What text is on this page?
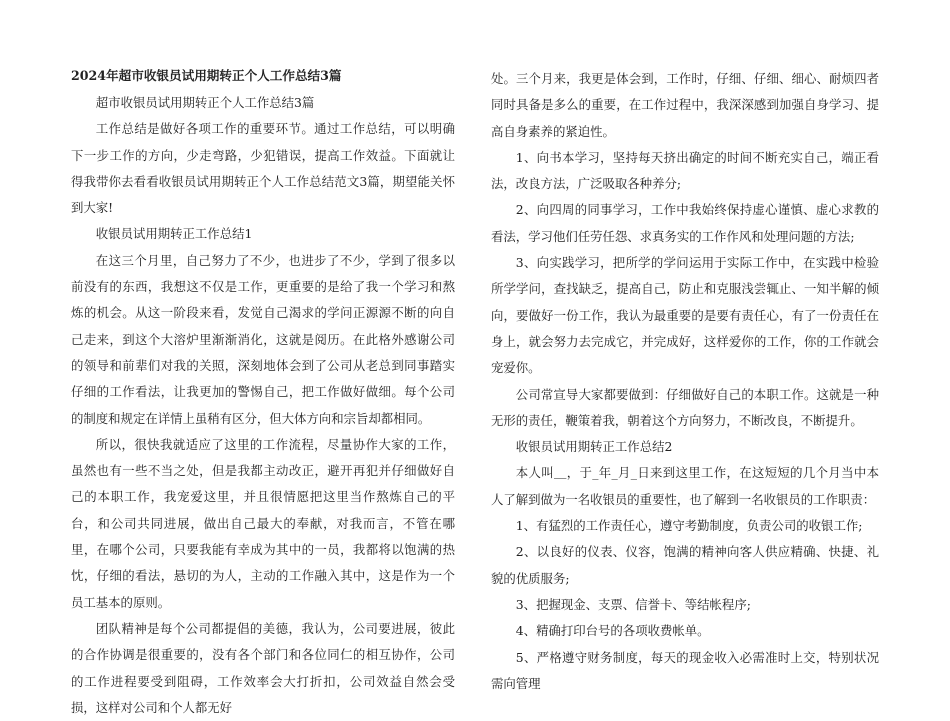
2024年超市收银员试用期转正个人工作总结3篇

超市收银员试用期转正个人工作总结3篇

工作总结是做好各项工作的重要环节。通过工作总结，可以明确下一步工作的方向，少走弯路，少犯错误，提高工作效益。下面就让得我带你去看看收银员试用期转正个人工作总结范文3篇，期望能关怀到大家!

收银员试用期转正工作总结1

在这三个月里，自己努力了不少，也进步了不少，学到了很多以前没有的东西，我想这不仅是工作，更重要的是给了我一个学习和熬炼的机会。从这一阶段来看，发觉自己渴求的学问正源源不断的向自己走来，到这个大溶炉里渐渐消化，这就是阅历。在此格外感谢公司的领导和前辈们对我的关照，深刻地体会到了公司从老总到同事踏实仔细的工作看法，让我更加的警惕自己，把工作做好做细。每个公司的制度和规定在详情上虽稍有区分，但大体方向和宗旨却都相同。

所以，很快我就适应了这里的工作流程，尽量协作大家的工作，虽然也有一些不当之处，但是我都主动改正，避开再犯并仔细做好自己的本职工作，我宠爱这里，并且很情愿把这里当作熬炼自己的平台，和公司共同进展，做出自己最大的奉献，对我而言，不管在哪里，在哪个公司，只要我能有幸成为其中的一员，我都将以饱满的热忱，仔细的看法，悬切的为人，主动的工作融入其中，这是作为一个员工基本的原则。

团队精神是每个公司都提倡的美德，我认为，公司要进展，彼此的合作协调是很重要的，没有各个部门和各位同仁的相互协作，公司的工作进程要受到阻碍，工作效率会大打折扣，公司效益自然会受损，这样对公司和个人都无好

处。三个月来，我更是体会到，工作时，仔细、仔细、细心、耐烦四者同时具备是多么的重要，在工作过程中，我深深感到加强自身学习、提高自身素养的紧迫性。

1、向书本学习，坚持每天挤出确定的时间不断充实自己，端正看法，改良方法，广泛吸取各种养分;

2、向四周的同事学习，工作中我始终保持虚心谨慎、虚心求教的看法，学习他们任劳任怨、求真务实的工作作风和处理问题的方法;

3、向实践学习，把所学的学问运用于实际工作中，在实践中检验所学学问，查找缺乏，提高自己，防止和克服浅尝辄止、一知半解的倾向，要做好一份工作，我认为最重要的是要有责任心，有了一份责任在身上，就会努力去完成它，并完成好，这样爱你的工作，你的工作就会宠爱你。

公司常宣导大家都要做到：仔细做好自己的本职工作。这就是一种无形的责任，鞭策着我，朝着这个方向努力，不断改良，不断提升。

收银员试用期转正工作总结2

本人叫＿，于_年_月_日来到这里工作，在这短短的几个月当中本人了解到做为一名收银员的重要性，也了解到一名收银员的工作职责：

1、有猛烈的工作责任心，遵守考勤制度，负责公司的收银工作;

2、以良好的仪表、仪容，饱满的精神向客人供应精确、快捷、礼貌的优质服务;

3、把握现金、支票、信誉卡、等结帐程序;

4、精确打印台号的各项收费帐单。

5、严格遵守财务制度，每天的现金收入必需准时上交，特别状况需向管理
